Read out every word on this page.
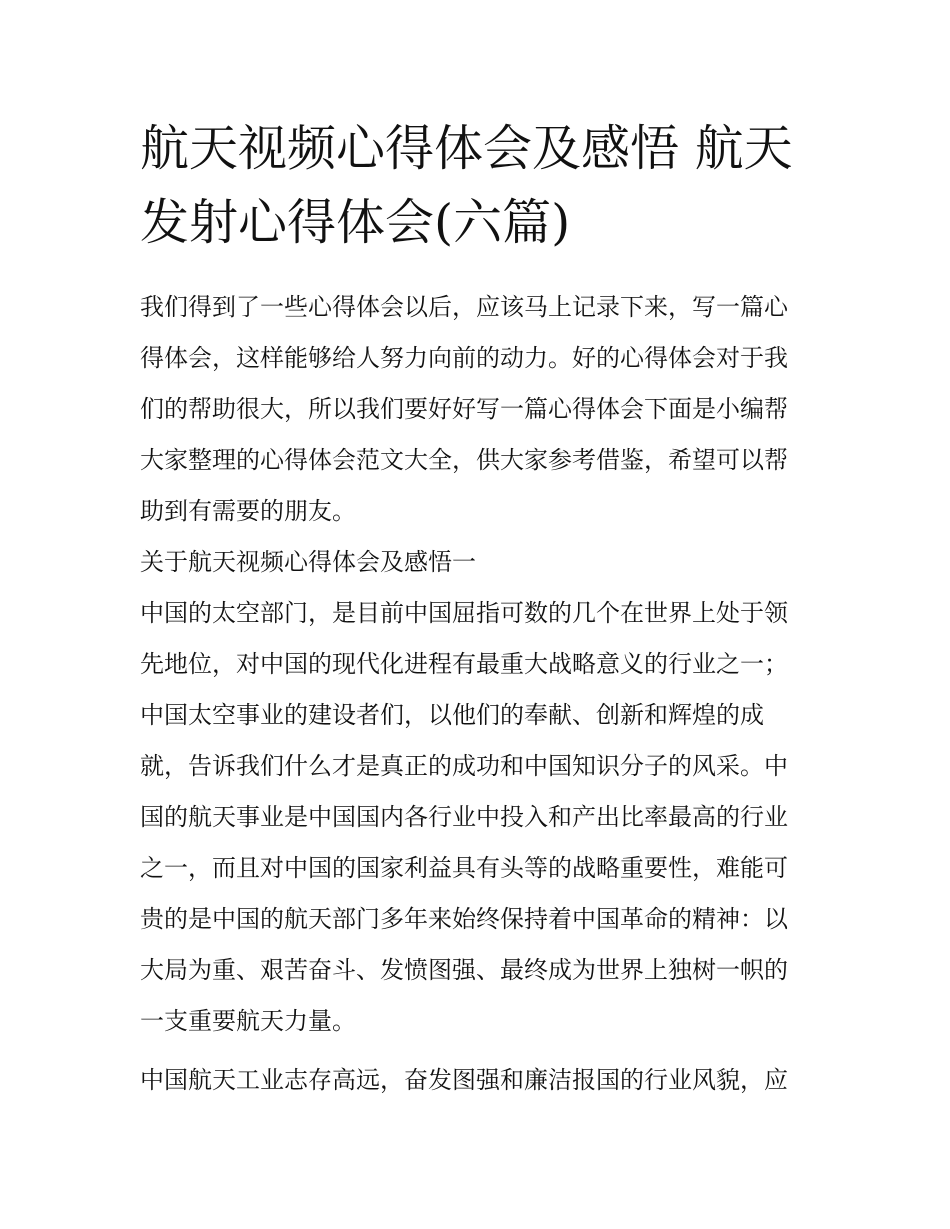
航天视频心得体会及感悟 航天
发射心得体会(六篇)
我们得到了一些心得体会以后，应该马上记录下来，写一篇心
得体会，这样能够给人努力向前的动力。好的心得体会对于我
们的帮助很大，所以我们要好好写一篇心得体会下面是小编帮
大家整理的心得体会范文大全，供大家参考借鉴，希望可以帮
助到有需要的朋友。
关于航天视频心得体会及感悟一
中国的太空部门，是目前中国屈指可数的几个在世界上处于领
先地位，对中国的现代化进程有最重大战略意义的行业之一；
中国太空事业的建设者们，以他们的奉献、创新和辉煌的成
就，告诉我们什么才是真正的成功和中国知识分子的风采。中
国的航天事业是中国国内各行业中投入和产出比率最高的行业
之一，而且对中国的国家利益具有头等的战略重要性，难能可
贵的是中国的航天部门多年来始终保持着中国革命的精神：以
大局为重、艰苦奋斗、发愤图强、最终成为世界上独树一帜的
一支重要航天力量。
中国航天工业志存高远，奋发图强和廉洁报国的行业风貌，应
